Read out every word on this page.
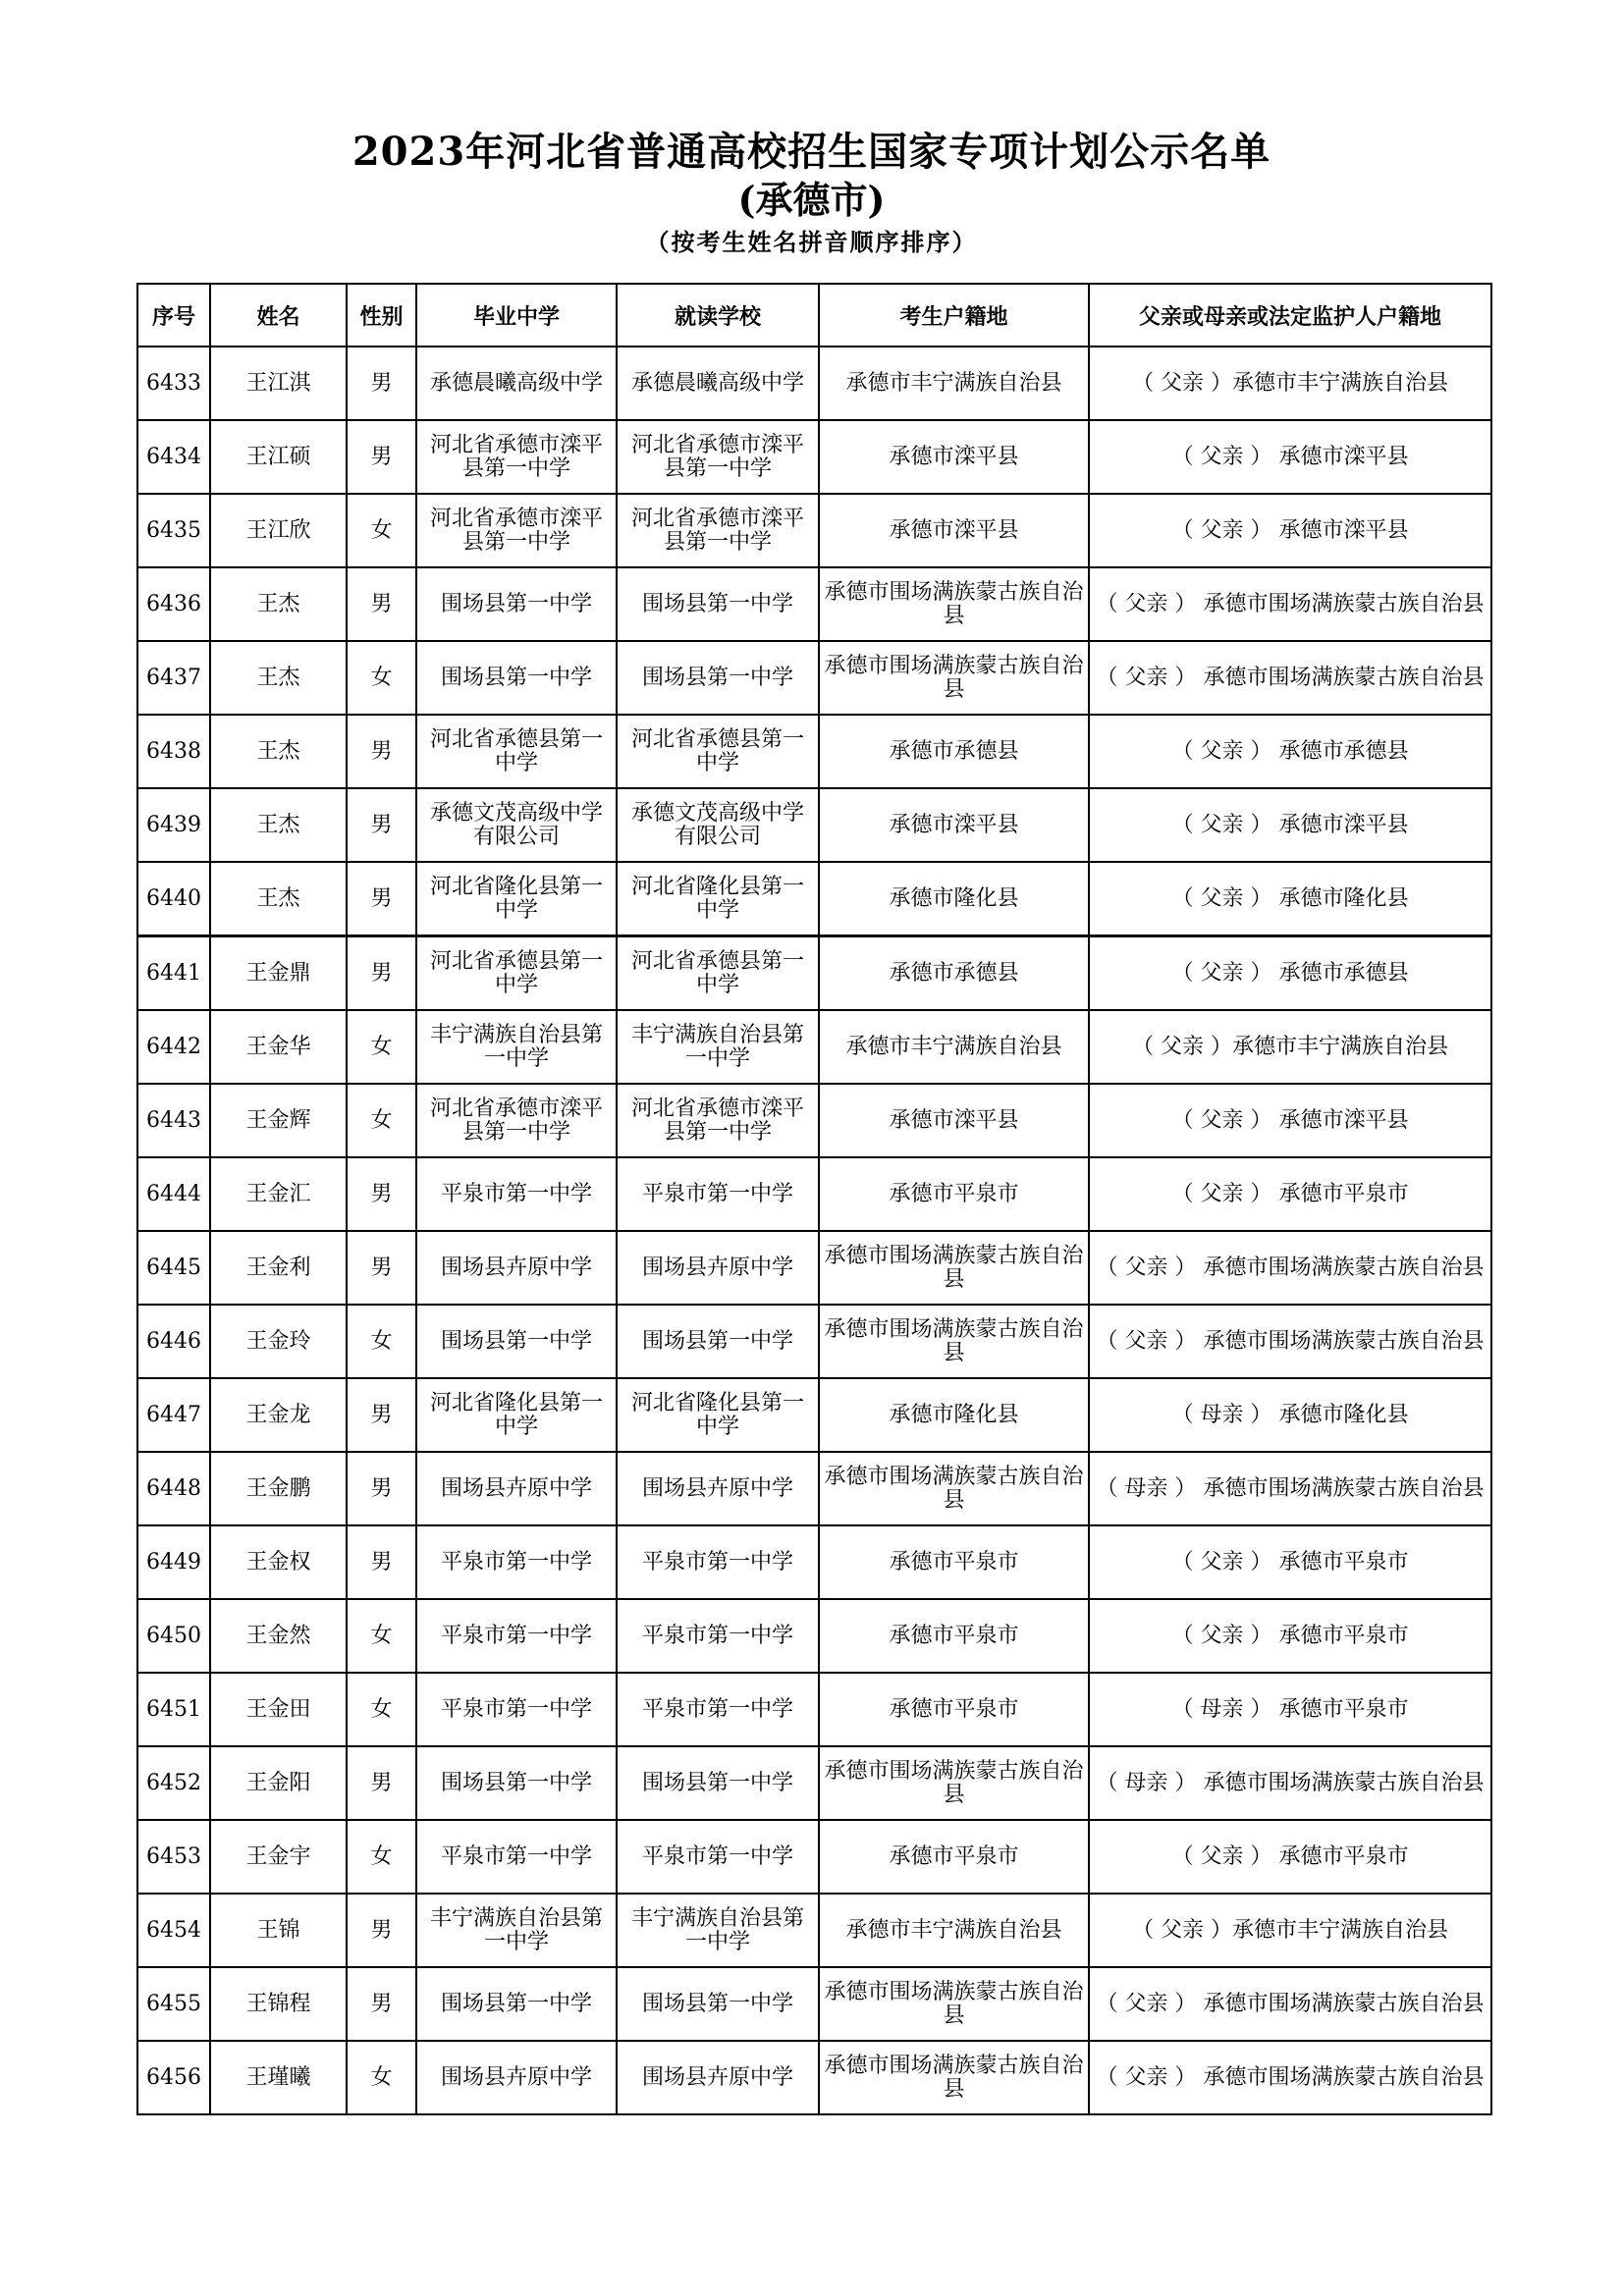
2023年河北省普通高校招生国家专项计划公示名单
(承德市)
（按考生姓名拼音顺序排序）
序号	姓名	性别	毕业中学	就读学校	考生户籍地	父亲或母亲或法定监护人户籍地
6433	王江淇	男	承德晨曦高级中学	承德晨曦高级中学	承德市丰宁满族自治县	（ 父亲 ）承德市丰宁满族自治县
6434	王江硕	男	河北省承德市滦平县第一中学	河北省承德市滦平县第一中学	承德市滦平县	（ 父亲 ） 承德市滦平县
6435	王江欣	女	河北省承德市滦平县第一中学	河北省承德市滦平县第一中学	承德市滦平县	（ 父亲 ） 承德市滦平县
6436	王杰	男	围场县第一中学	围场县第一中学	承德市围场满族蒙古族自治县	（ 父亲 ） 承德市围场满族蒙古族自治县
6437	王杰	女	围场县第一中学	围场县第一中学	承德市围场满族蒙古族自治县	（ 父亲 ） 承德市围场满族蒙古族自治县
6438	王杰	男	河北省承德县第一中学	河北省承德县第一中学	承德市承德县	（ 父亲 ） 承德市承德县
6439	王杰	男	承德文茂高级中学有限公司	承德文茂高级中学有限公司	承德市滦平县	（ 父亲 ） 承德市滦平县
6440	王杰	男	河北省隆化县第一中学	河北省隆化县第一中学	承德市隆化县	（ 父亲 ） 承德市隆化县
6441	王金鼎	男	河北省承德县第一中学	河北省承德县第一中学	承德市承德县	（ 父亲 ） 承德市承德县
6442	王金华	女	丰宁满族自治县第一中学	丰宁满族自治县第一中学	承德市丰宁满族自治县	（ 父亲 ）承德市丰宁满族自治县
6443	王金辉	女	河北省承德市滦平县第一中学	河北省承德市滦平县第一中学	承德市滦平县	（ 父亲 ） 承德市滦平县
6444	王金汇	男	平泉市第一中学	平泉市第一中学	承德市平泉市	（ 父亲 ） 承德市平泉市
6445	王金利	男	围场县卉原中学	围场县卉原中学	承德市围场满族蒙古族自治县	（ 父亲 ） 承德市围场满族蒙古族自治县
6446	王金玲	女	围场县第一中学	围场县第一中学	承德市围场满族蒙古族自治县	（ 父亲 ） 承德市围场满族蒙古族自治县
6447	王金龙	男	河北省隆化县第一中学	河北省隆化县第一中学	承德市隆化县	（ 母亲 ） 承德市隆化县
6448	王金鹏	男	围场县卉原中学	围场县卉原中学	承德市围场满族蒙古族自治县	（ 母亲 ） 承德市围场满族蒙古族自治县
6449	王金权	男	平泉市第一中学	平泉市第一中学	承德市平泉市	（ 父亲 ） 承德市平泉市
6450	王金然	女	平泉市第一中学	平泉市第一中学	承德市平泉市	（ 父亲 ） 承德市平泉市
6451	王金田	女	平泉市第一中学	平泉市第一中学	承德市平泉市	（ 母亲 ） 承德市平泉市
6452	王金阳	男	围场县第一中学	围场县第一中学	承德市围场满族蒙古族自治县	（ 母亲 ） 承德市围场满族蒙古族自治县
6453	王金宇	女	平泉市第一中学	平泉市第一中学	承德市平泉市	（ 父亲 ） 承德市平泉市
6454	王锦	男	丰宁满族自治县第一中学	丰宁满族自治县第一中学	承德市丰宁满族自治县	（ 父亲 ）承德市丰宁满族自治县
6455	王锦程	男	围场县第一中学	围场县第一中学	承德市围场满族蒙古族自治县	（ 父亲 ） 承德市围场满族蒙古族自治县
6456	王瑾曦	女	围场县卉原中学	围场县卉原中学	承德市围场满族蒙古族自治县	（ 父亲 ） 承德市围场满族蒙古族自治县
